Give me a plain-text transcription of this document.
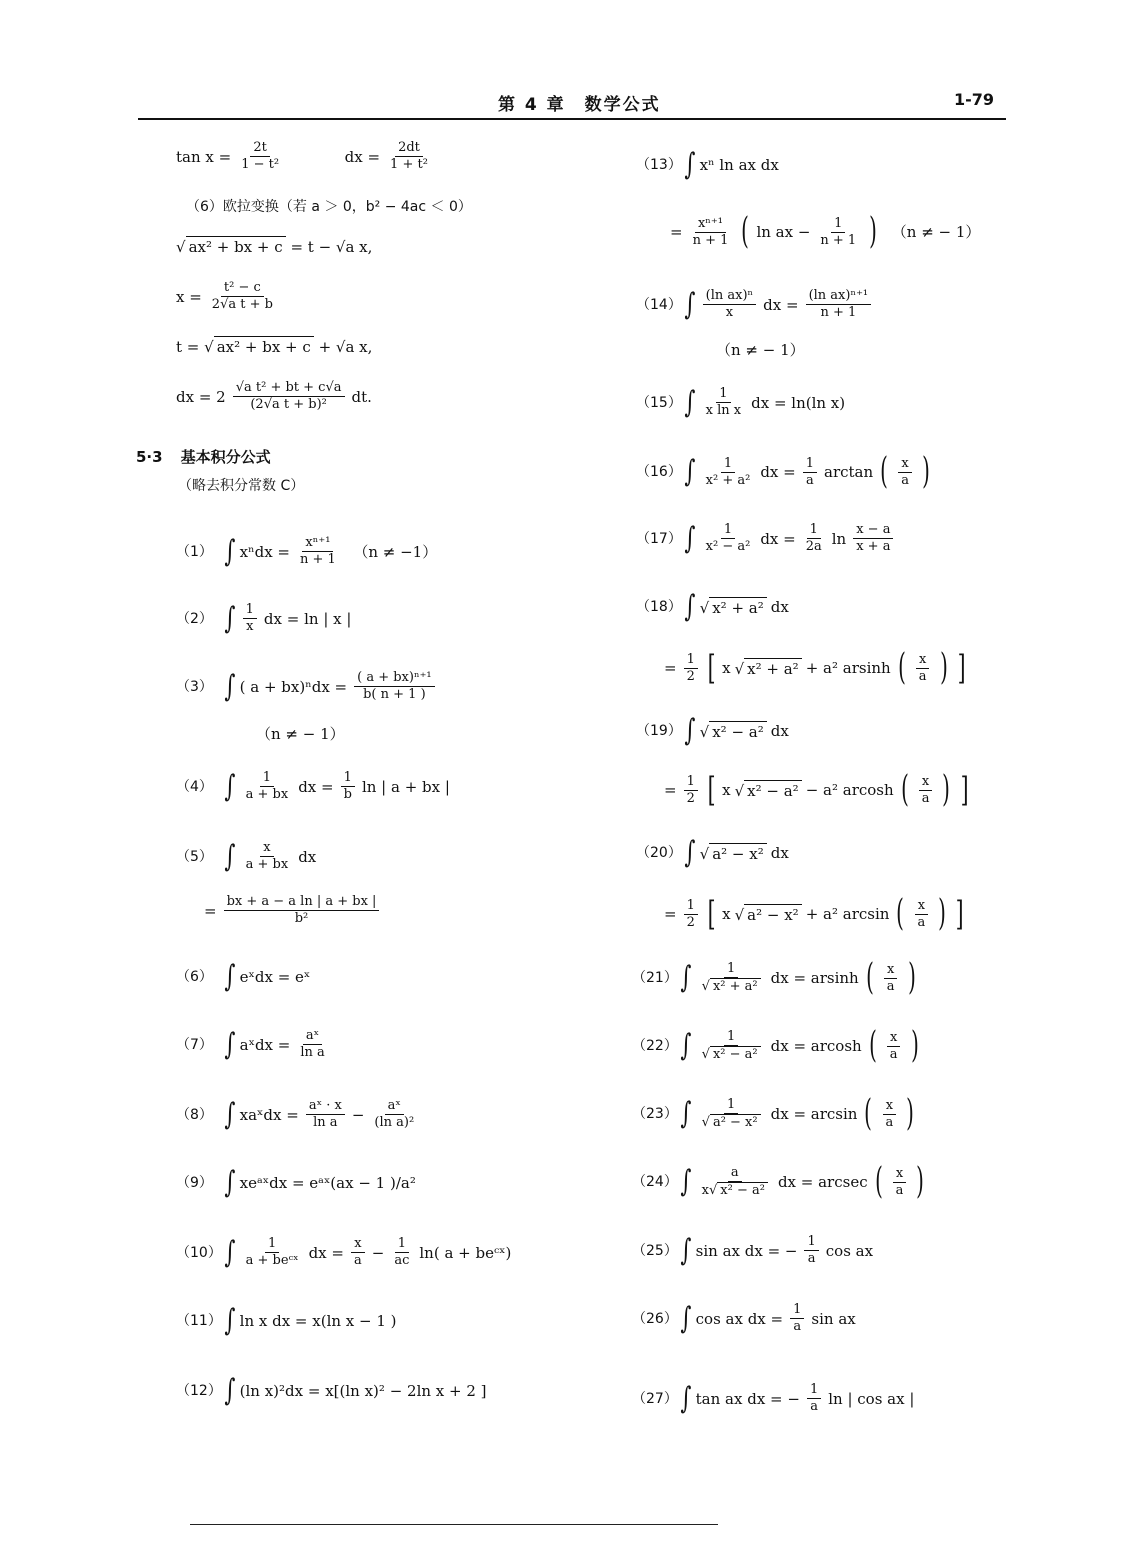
第 4 章　数学公式	1-79
$\tan x = \frac{2t}{\text{1 − t²}}$	dx = $\frac{2dt}{\text{1 + t²}}$
（6）欧拉变换（若 a ＞ 0，b² − 4ac ＜ 0）
√ ax² + bx + c = t − √a x,
$x = \frac{\text{t² − c}}{\text{2√a t + b}}$
t = √ ax² + bx + c + √a x,
dx = $2 \frac{\text{√a t² + bt + c√a}}{\text{(2√a t + b)²}}$ dt.
5·3 基本积分公式
（略去积分常数 C）
（1） ∫ $x^ndx = \frac{\text{xⁿ⁺¹}}{n + 1}$ 　（n ≠ −1）
（2） ∫ $\frac{1}{x}$ dx = ln | x |
（3） ∫ ( $a + bx)^ndx = \frac{\text{( a + bx)ⁿ⁺¹}}{b( n + 1 )}$
（n ≠ − 1）
（4） ∫ $\frac{1}{a + bx}$ dx = $\frac{1}{b}$ ln | a + bx |
（5） ∫ $\frac{x}{a + bx}$ dx
= $\frac{\text{bx + a − a ln | a + bx |}}{\text{b²}}$
（6） ∫ eˣdx = eˣ
（7） ∫ aˣdx = $\frac{\text{aˣ}}{\text{ln a}}$
（8） ∫ xaˣdx = $\frac{\text{aˣ · x}}{\text{ln a}} - \frac{\text{aˣ}}{\text{(ln a)²}}$
（9） ∫ xeᵃˣdx = eᵃˣ(ax − 1 )/a²
（10） ∫ $\frac{1}{\text{a + beᶜˣ}}$ dx = $\frac{x}{a} - \frac{1}{ac} \ln$( a + beᶜˣ)
（11） ∫ ln x dx = x(ln x − 1 )
（12） ∫ (ln x)²dx = x[(ln x)² − 2ln x + 2 ]
（13） ∫ xⁿ ln ax dx
= $\frac{\text{xⁿ⁺¹}}{n + 1}$ ( ln ax − $\frac{1}{n + 1}$ ) 　（n ≠ − 1）
（14） ∫ $\frac{\text{(ln ax)ⁿ}}{x}$ dx = $\frac{\text{(ln ax)ⁿ⁺¹}}{n + 1}$
（n ≠ − 1）
（15） ∫ $\frac{1}{\text{x ln x}}$ dx = ln(ln x)
（16） ∫ $\frac{1}{\text{x² + a²}}$ dx = $\frac{1}{a}$ arctan ( $\frac{x}{a}$ )
（17） ∫ $\frac{1}{\text{x² − a²}}$ dx = $\frac{1}{2a}$ $\ln \frac{x - a}{x + a}$
（18） ∫ √ x² + a² dx
= $\frac{1}{2}$ [ x √ x² + a² + a² arsinh ( $\frac{x}{a}$ ) ]
（19） ∫ √ x² − a² dx
= $\frac{1}{2}$ [ x √ x² − a² − a² arcosh ( $\frac{x}{a}$ ) ]
（20） ∫ √ a² − x² dx
= $\frac{1}{2}$ [ x √ a² − x² + a² arcsin ( $\frac{x}{a}$ ) ]
（21） ∫ $\frac{1}{\text{√ x² + a²}}$ dx = arsinh ( $\frac{x}{a}$ )
（22） ∫ $\frac{1}{\text{√ x² − a²}}$ dx = arcosh ( $\frac{x}{a}$ )
（23） ∫ $\frac{1}{\text{√ a² − x²}}$ dx = arcsin ( $\frac{x}{a}$ )
（24） ∫ $\frac{a}{\text{x√ x² − a²}}$ dx = arcsec ( $\frac{x}{a}$ )
（25） ∫ sin ax dx = − $\frac{1}{a}$ cos ax
（26） ∫ cos ax dx = $\frac{1}{a}$ sin ax
（27） ∫ tan ax dx = − $\frac{1}{a}$ ln | cos ax |
